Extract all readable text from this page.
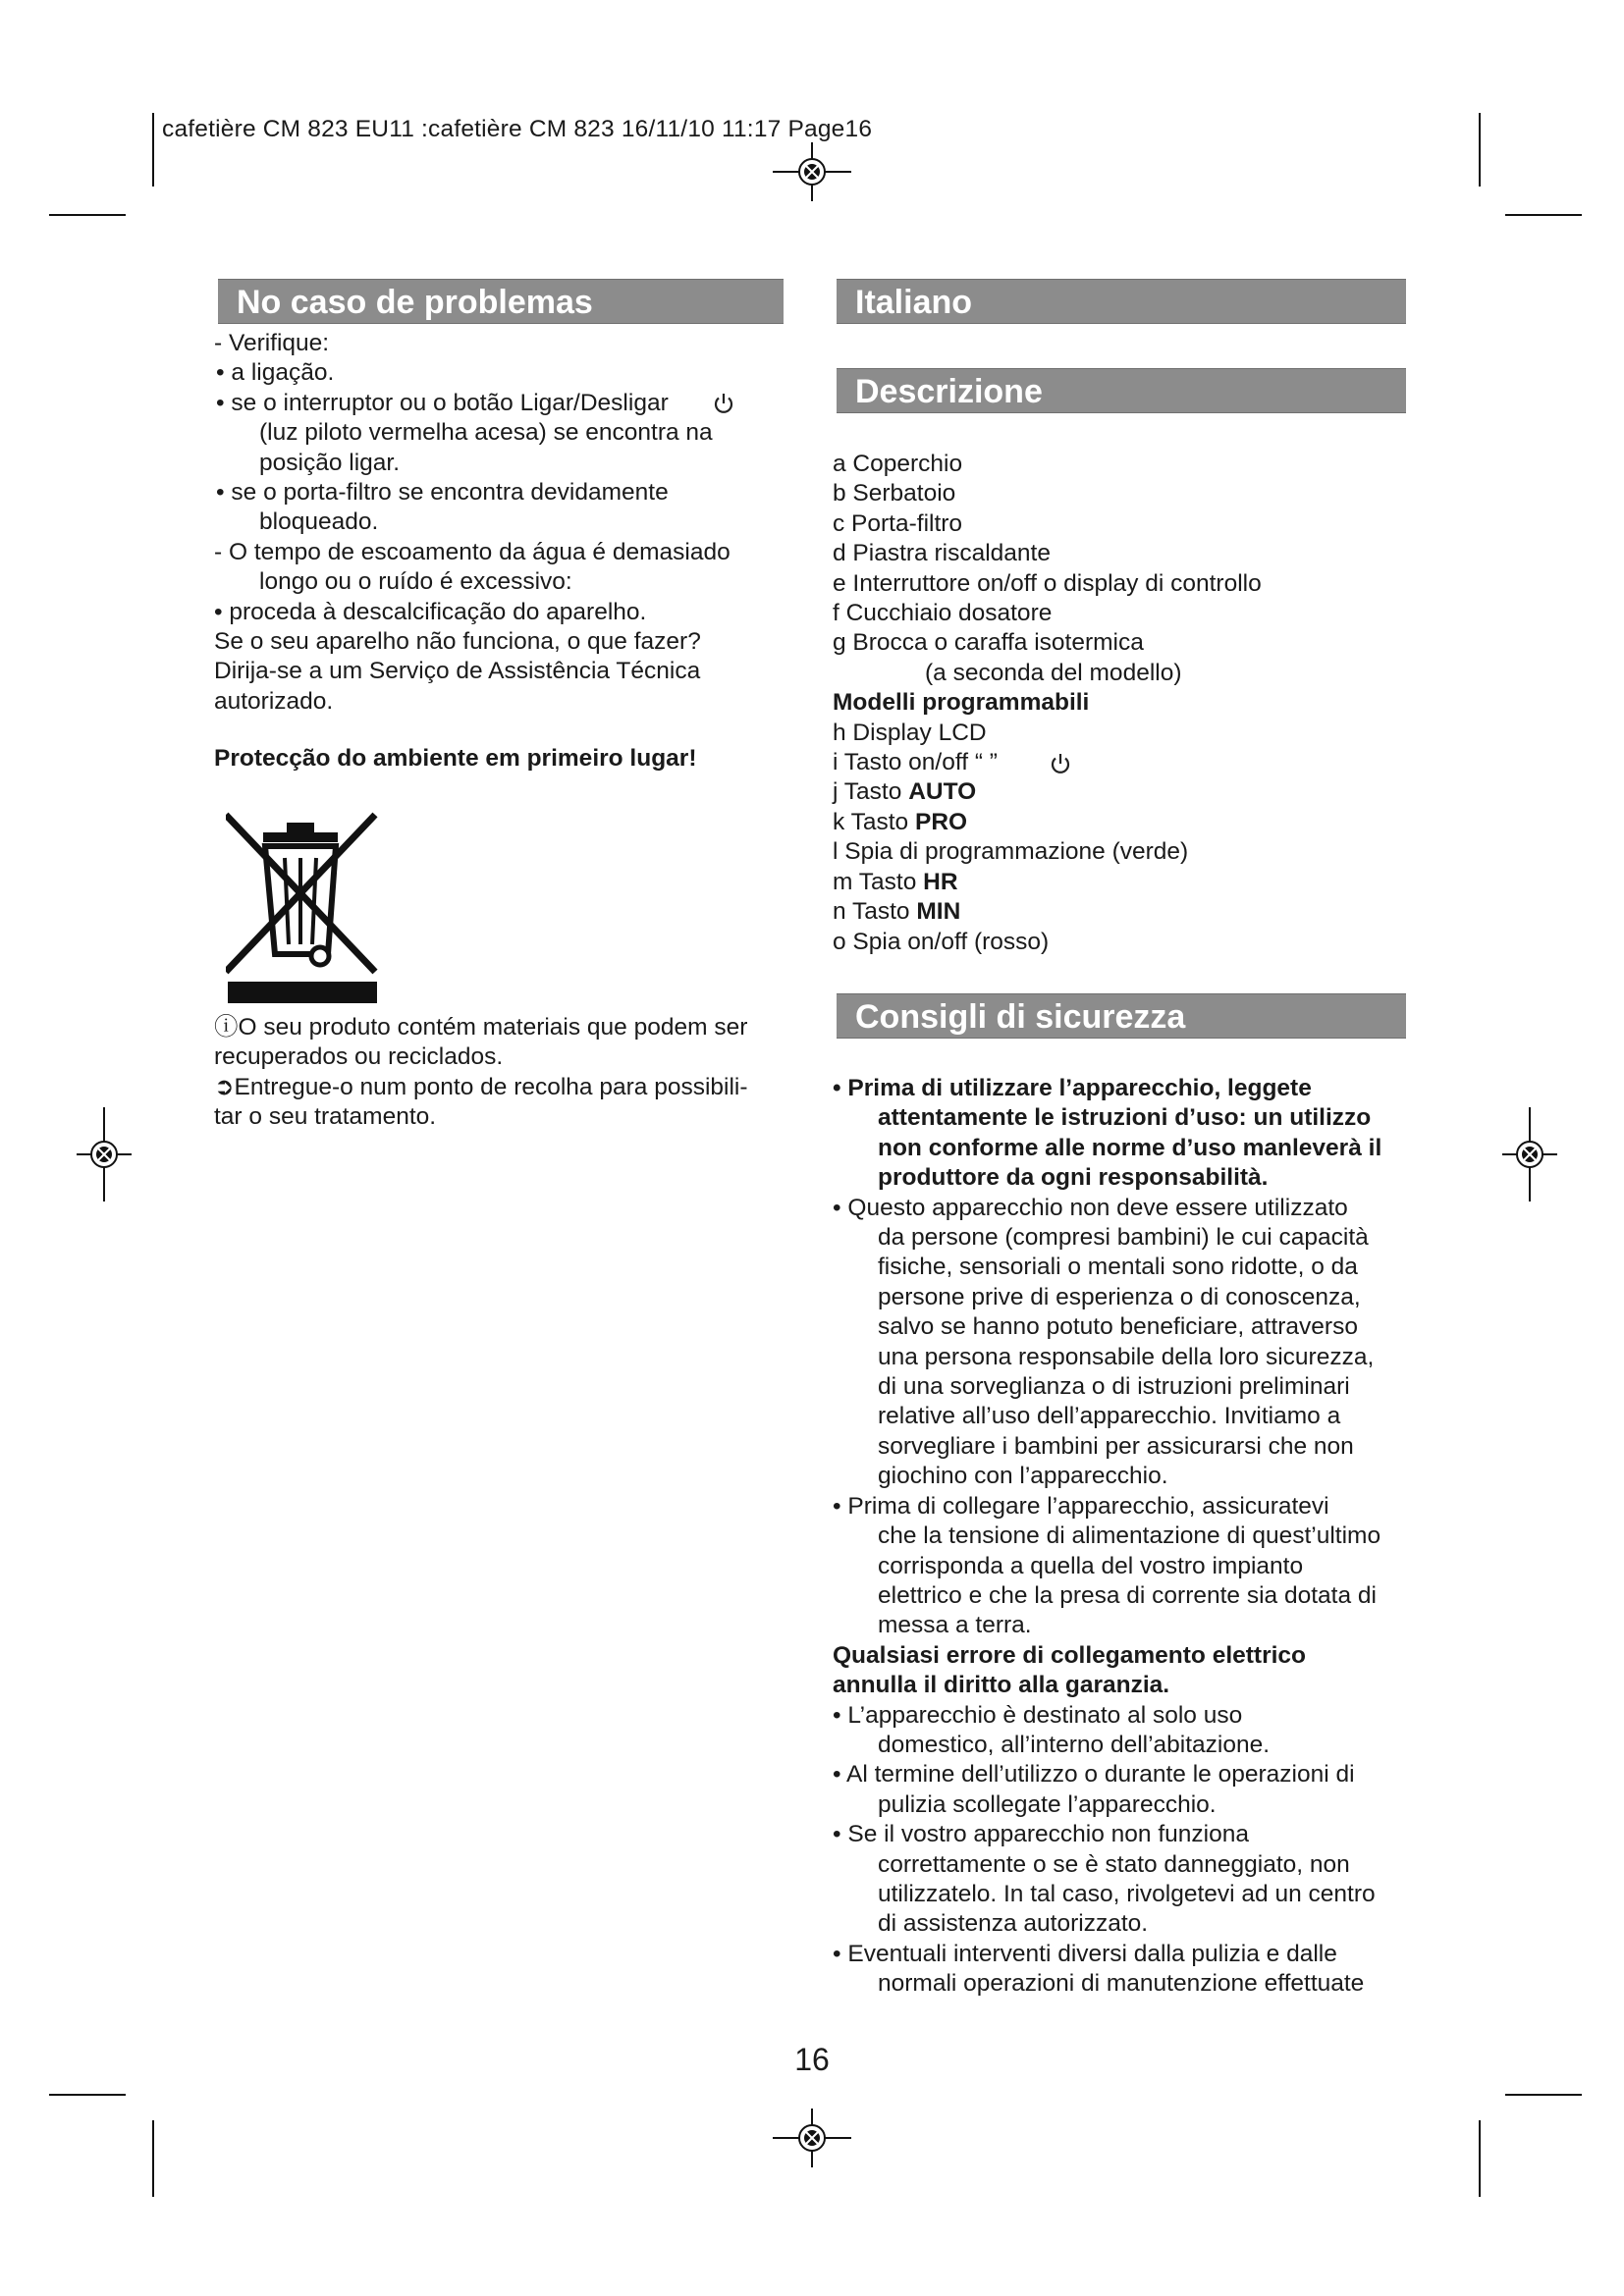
cafetière CM 823 EU11 :cafetière CM 823 16/11/10 11:17 Page16
No caso de problemas

- Verifique:

• a ligação.

• se o interruptor ou o botão Ligar/Desligar

(luz piloto vermelha acesa) se encontra na

posição ligar.

• se o porta-filtro se encontra devidamente

bloqueado.

- O tempo de escoamento da água é demasiado

longo ou o ruído é excessivo:

• proceda à descalcificação do aparelho.

Se o seu aparelho não funciona, o que fazer?

Dirija-se a um Serviço de Assistência Técnica

autorizado.

Protecção do ambiente em primeiro lugar!

ⓘO seu produto contém materiais que podem ser

recuperados ou reciclados.

➲Entregue-o num ponto de recolha para possibili-

tar o seu tratamento.

Italiano
Descrizione

a Coperchio

b Serbatoio

c Porta-filtro

d Piastra riscaldante

e Interruttore on/off o display di controllo

f Cucchiaio dosatore

g Brocca o caraffa isotermica

(a seconda del modello)

Modelli programmabili

h Display LCD

i Tasto on/off “ ”

j Tasto AUTO

k Tasto PRO

l Spia di programmazione (verde)

m Tasto HR

n Tasto MIN

o Spia on/off (rosso)

Consigli di sicurezza

• Prima di utilizzare l’apparecchio, leggete

attentamente le istruzioni d’uso: un utilizzo

non conforme alle norme d’uso manleverà il

produttore da ogni responsabilità.

• Questo apparecchio non deve essere utilizzato

da persone (compresi bambini) le cui capacità

fisiche, sensoriali o mentali sono ridotte, o da

persone prive di esperienza o di conoscenza,

salvo se hanno potuto beneficiare, attraverso

una persona responsabile della loro sicurezza,

di una sorveglianza o di istruzioni preliminari

relative all’uso dell’apparecchio. Invitiamo a

sorvegliare i bambini per assicurarsi che non

giochino con l’apparecchio.

• Prima di collegare l’apparecchio, assicuratevi

che la tensione di alimentazione di quest’ultimo

corrisponda a quella del vostro impianto

elettrico e che la presa di corrente sia dotata di

messa a terra.

Qualsiasi errore di collegamento elettrico

annulla il diritto alla garanzia.

• L’apparecchio è destinato al solo uso

domestico, all’interno dell’abitazione.

• Al termine dell’utilizzo o durante le operazioni di

pulizia scollegate l’apparecchio.

• Se il vostro apparecchio non funziona

correttamente o se è stato danneggiato, non

utilizzatelo. In tal caso, rivolgetevi ad un centro

di assistenza autorizzato.

• Eventuali interventi diversi dalla pulizia e dalle

normali operazioni di manutenzione effettuate

16
